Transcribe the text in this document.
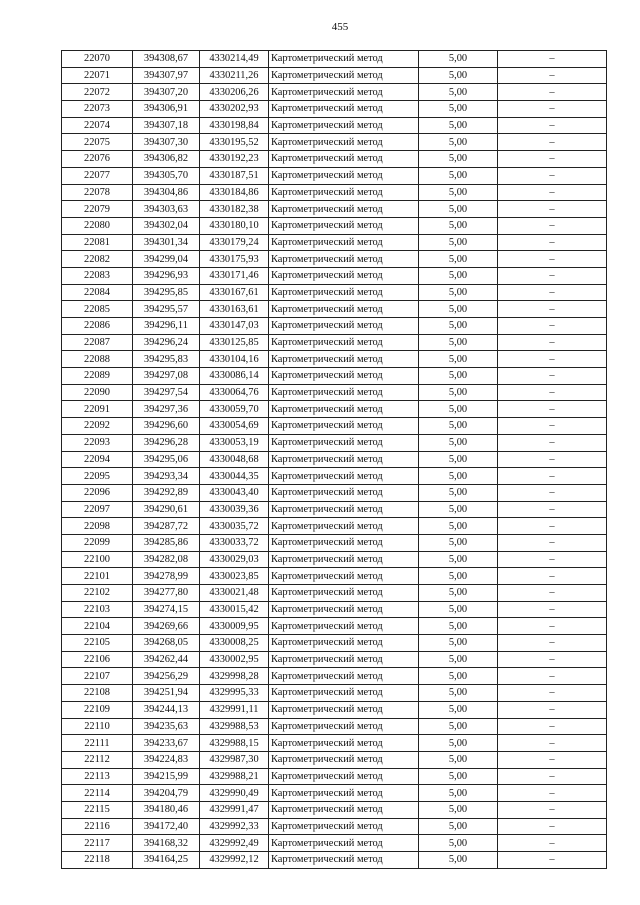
455
22070	394308,67	4330214,49	Картометрический метод	5,00	–
22071	394307,97	4330211,26	Картометрический метод	5,00	–
22072	394307,20	4330206,26	Картометрический метод	5,00	–
22073	394306,91	4330202,93	Картометрический метод	5,00	–
22074	394307,18	4330198,84	Картометрический метод	5,00	–
22075	394307,30	4330195,52	Картометрический метод	5,00	–
22076	394306,82	4330192,23	Картометрический метод	5,00	–
22077	394305,70	4330187,51	Картометрический метод	5,00	–
22078	394304,86	4330184,86	Картометрический метод	5,00	–
22079	394303,63	4330182,38	Картометрический метод	5,00	–
22080	394302,04	4330180,10	Картометрический метод	5,00	–
22081	394301,34	4330179,24	Картометрический метод	5,00	–
22082	394299,04	4330175,93	Картометрический метод	5,00	–
22083	394296,93	4330171,46	Картометрический метод	5,00	–
22084	394295,85	4330167,61	Картометрический метод	5,00	–
22085	394295,57	4330163,61	Картометрический метод	5,00	–
22086	394296,11	4330147,03	Картометрический метод	5,00	–
22087	394296,24	4330125,85	Картометрический метод	5,00	–
22088	394295,83	4330104,16	Картометрический метод	5,00	–
22089	394297,08	4330086,14	Картометрический метод	5,00	–
22090	394297,54	4330064,76	Картометрический метод	5,00	–
22091	394297,36	4330059,70	Картометрический метод	5,00	–
22092	394296,60	4330054,69	Картометрический метод	5,00	–
22093	394296,28	4330053,19	Картометрический метод	5,00	–
22094	394295,06	4330048,68	Картометрический метод	5,00	–
22095	394293,34	4330044,35	Картометрический метод	5,00	–
22096	394292,89	4330043,40	Картометрический метод	5,00	–
22097	394290,61	4330039,36	Картометрический метод	5,00	–
22098	394287,72	4330035,72	Картометрический метод	5,00	–
22099	394285,86	4330033,72	Картометрический метод	5,00	–
22100	394282,08	4330029,03	Картометрический метод	5,00	–
22101	394278,99	4330023,85	Картометрический метод	5,00	–
22102	394277,80	4330021,48	Картометрический метод	5,00	–
22103	394274,15	4330015,42	Картометрический метод	5,00	–
22104	394269,66	4330009,95	Картометрический метод	5,00	–
22105	394268,05	4330008,25	Картометрический метод	5,00	–
22106	394262,44	4330002,95	Картометрический метод	5,00	–
22107	394256,29	4329998,28	Картометрический метод	5,00	–
22108	394251,94	4329995,33	Картометрический метод	5,00	–
22109	394244,13	4329991,11	Картометрический метод	5,00	–
22110	394235,63	4329988,53	Картометрический метод	5,00	–
22111	394233,67	4329988,15	Картометрический метод	5,00	–
22112	394224,83	4329987,30	Картометрический метод	5,00	–
22113	394215,99	4329988,21	Картометрический метод	5,00	–
22114	394204,79	4329990,49	Картометрический метод	5,00	–
22115	394180,46	4329991,47	Картометрический метод	5,00	–
22116	394172,40	4329992,33	Картометрический метод	5,00	–
22117	394168,32	4329992,49	Картометрический метод	5,00	–
22118	394164,25	4329992,12	Картометрический метод	5,00	–
